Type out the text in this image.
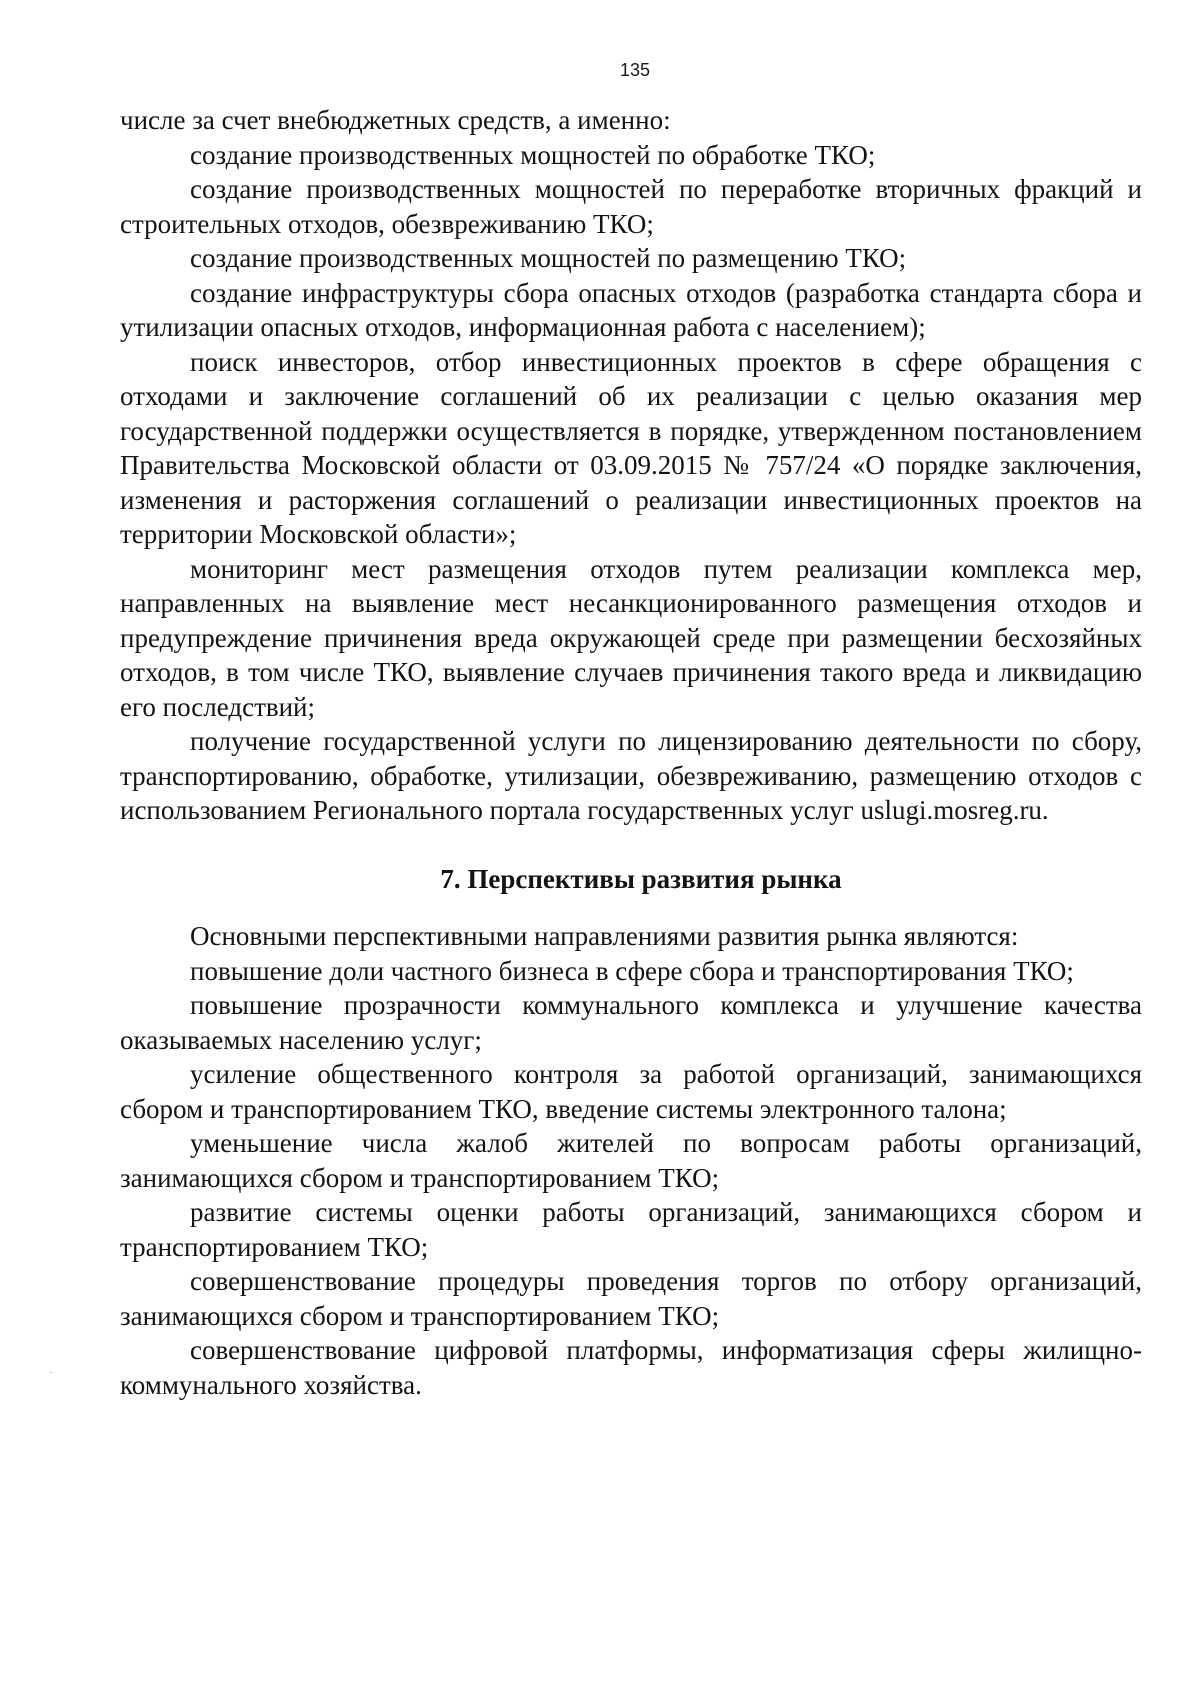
135

числе за счет внебюджетных средств, а именно:

создание производственных мощностей по обработке ТКО;

создание производственных мощностей по переработке вторичных фракций и строительных отходов, обезвреживанию ТКО;

создание производственных мощностей по размещению ТКО;

создание инфраструктуры сбора опасных отходов (разработка стандарта сбора и утилизации опасных отходов, информационная работа с населением);

поиск инвесторов, отбор инвестиционных проектов в сфере обращения с отходами и заключение соглашений об их реализации с целью оказания мер государственной поддержки осуществляется в порядке, утвержденном постановлением Правительства Московской области от 03.09.2015 № 757/24 «О порядке заключения, изменения и расторжения соглашений о реализации инвестиционных проектов на территории Московской области»;

мониторинг мест размещения отходов путем реализации комплекса мер, направленных на выявление мест несанкционированного размещения отходов и предупреждение причинения вреда окружающей среде при размещении бесхозяйных отходов, в том числе ТКО, выявление случаев причинения такого вреда и ликвидацию его последствий;

получение государственной услуги по лицензированию деятельности по сбору, транспортированию, обработке, утилизации, обезвреживанию, размещению отходов с использованием Регионального портала государственных услуг uslugi.mosreg.ru.

7. Перспективы развития рынка

Основными перспективными направлениями развития рынка являются:

повышение доли частного бизнеса в сфере сбора и транспортирования ТКО;

повышение прозрачности коммунального комплекса и улучшение качества оказываемых населению услуг;

усиление общественного контроля за работой организаций, занимающихся сбором и транспортированием ТКО, введение системы электронного талона;

уменьшение числа жалоб жителей по вопросам работы организаций, занимающихся сбором и транспортированием ТКО;

развитие системы оценки работы организаций, занимающихся сбором и транспортированием ТКО;

совершенствование процедуры проведения торгов по отбору организаций, занимающихся сбором и транспортированием ТКО;

совершенствование цифровой платформы, информатизация сферы жилищно-коммунального хозяйства.
